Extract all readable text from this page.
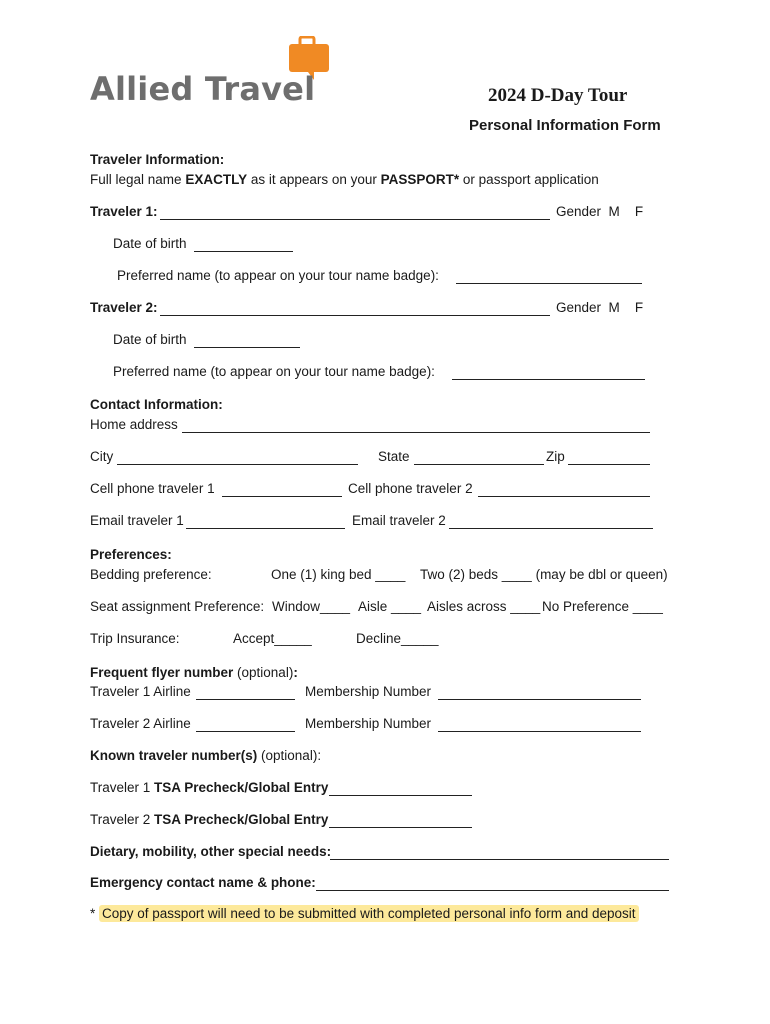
Allied Travel	2024 D-Day Tour
Personal Information Form
Traveler Information:
Full legal name EXACTLY as it appears on your PASSPORT* or passport application
Traveler 1:	Gender M F
Date of birth
Preferred name (to appear on your tour name badge):
Traveler 2:	Gender M F
Date of birth
Preferred name (to appear on your tour name badge):
Contact Information:
Home address
City	State	Zip
Cell phone traveler 1	Cell phone traveler 2
Email traveler 1	Email traveler 2
Preferences:
Bedding preference:	One (1) king bed ____ Two (2) beds ____ (may be dbl or queen)
Seat assignment Preference: Window____ Aisle ____ Aisles across ____ No Preference ____
Trip Insurance:	Accept_____	Decline_____
Frequent flyer number (optional):
Traveler 1 Airline	Membership Number
Traveler 2 Airline	Membership Number
Known traveler number(s) (optional):
Traveler 1 TSA Precheck/Global Entry
Traveler 2 TSA Precheck/Global Entry
Dietary, mobility, other special needs:
Emergency contact name & phone:
* Copy of passport will need to be submitted with completed personal info form and deposit
